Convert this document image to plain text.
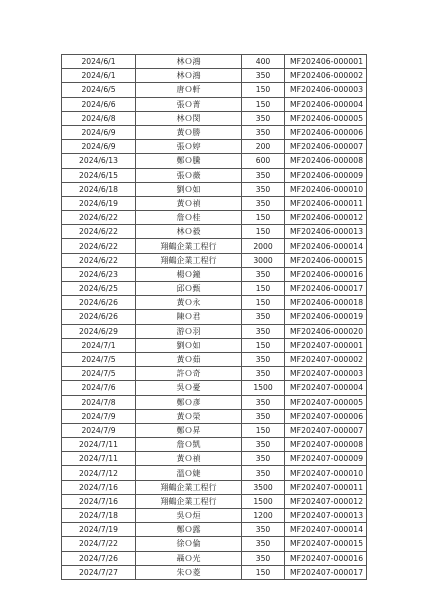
2024/6/1	林Ｏ鴻	400	MF202406-000001
2024/6/1	林Ｏ鴻	350	MF202406-000002
2024/6/5	唐Ｏ軒	150	MF202406-000003
2024/6/6	張Ｏ菁	150	MF202406-000004
2024/6/8	林Ｏ閔	350	MF202406-000005
2024/6/9	黃Ｏ勝	350	MF202406-000006
2024/6/9	張Ｏ婷	200	MF202406-000007
2024/6/13	鄭Ｏ騰	600	MF202406-000008
2024/6/15	張Ｏ薇	350	MF202406-000009
2024/6/18	劉Ｏ如	350	MF202406-000010
2024/6/19	黃Ｏ禎	350	MF202406-000011
2024/6/22	詹Ｏ桂	150	MF202406-000012
2024/6/22	林Ｏ毅	150	MF202406-000013
2024/6/22	翔鶴企業工程行	2000	MF202406-000014
2024/6/22	翔鶴企業工程行	3000	MF202406-000015
2024/6/23	楊Ｏ鐘	350	MF202406-000016
2024/6/25	邱Ｏ甄	150	MF202406-000017
2024/6/26	黃Ｏ永	150	MF202406-000018
2024/6/26	陳Ｏ君	350	MF202406-000019
2024/6/29	游Ｏ羽	350	MF202406-000020
2024/7/1	劉Ｏ如	150	MF202407-000001
2024/7/5	黃Ｏ茹	350	MF202407-000002
2024/7/5	許Ｏ奇	350	MF202407-000003
2024/7/6	吳Ｏ憂	1500	MF202407-000004
2024/7/8	鄭Ｏ彥	350	MF202407-000005
2024/7/9	黃Ｏ榮	350	MF202407-000006
2024/7/9	鄭Ｏ昇	150	MF202407-000007
2024/7/11	詹Ｏ凱	350	MF202407-000008
2024/7/11	黃Ｏ禎	350	MF202407-000009
2024/7/12	溫Ｏ婕	350	MF202407-000010
2024/7/16	翔鶴企業工程行	3500	MF202407-000011
2024/7/16	翔鶴企業工程行	1500	MF202407-000012
2024/7/18	吳Ｏ烜	1200	MF202407-000013
2024/7/19	鄭Ｏ露	350	MF202407-000014
2024/7/22	徐Ｏ倫	350	MF202407-000015
2024/7/26	聶Ｏ光	350	MF202407-000016
2024/7/27	朱Ｏ菱	150	MF202407-000017
